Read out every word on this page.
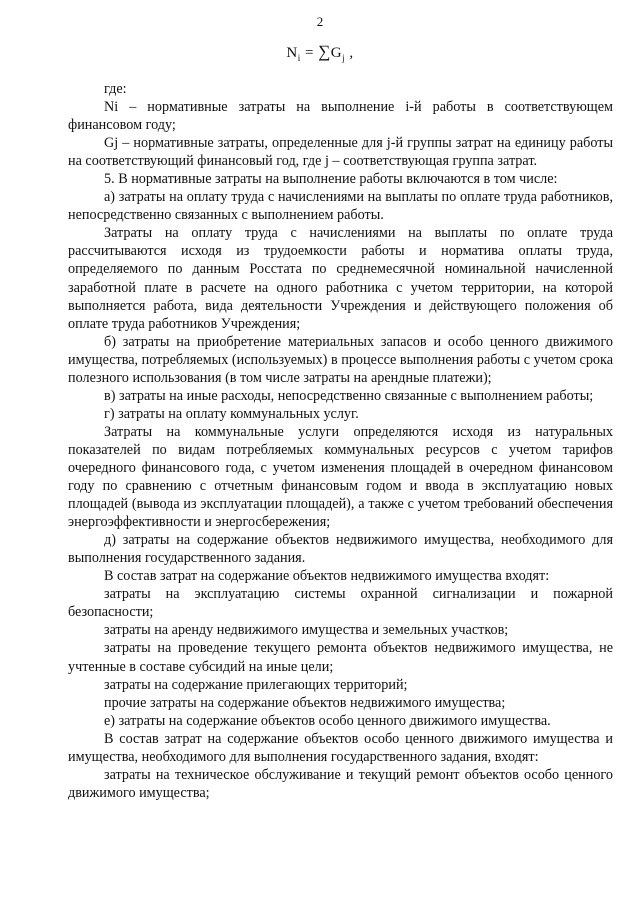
2
$N_i = \sum G_j$ ,

где:

Ni – нормативные затраты на выполнение i-й работы в соответствующем финансовом году;

Gj – нормативные затраты, определенные для j-й группы затрат на единицу работы на соответствующий финансовый год, где j – соответствующая группа затрат.

5. В нормативные затраты на выполнение работы включаются в том числе:

а) затраты на оплату труда с начислениями на выплаты по оплате труда работников, непосредственно связанных с выполнением работы.

Затраты на оплату труда с начислениями на выплаты по оплате труда рассчитываются исходя из трудоемкости работы и норматива оплаты труда, определяемого по данным Росстата по среднемесячной номинальной начисленной заработной плате в расчете на одного работника с учетом территории, на которой выполняется работа, вида деятельности Учреждения и действующего положения об оплате труда работников Учреждения;

б) затраты на приобретение материальных запасов и особо ценного движимого имущества, потребляемых (используемых) в процессе выполнения работы с учетом срока полезного использования (в том числе затраты на арендные платежи);

в) затраты на иные расходы, непосредственно связанные с выполнением работы;

г) затраты на оплату коммунальных услуг.

Затраты на коммунальные услуги определяются исходя из натуральных показателей по видам потребляемых коммунальных ресурсов с учетом тарифов очередного финансового года, с учетом изменения площадей в очередном финансовом году по сравнению с отчетным финансовым годом и ввода в эксплуатацию новых площадей (вывода из эксплуатации площадей), а также с учетом требований обеспечения энергоэффективности и энергосбережения;

д) затраты на содержание объектов недвижимого имущества, необходимого для выполнения государственного задания.

В состав затрат на содержание объектов недвижимого имущества входят:

затраты на эксплуатацию системы охранной сигнализации и пожарной безопасности;

затраты на аренду недвижимого имущества и земельных участков;

затраты на проведение текущего ремонта объектов недвижимого имущества, не учтенные в составе субсидий на иные цели;

затраты на содержание прилегающих территорий;

прочие затраты на содержание объектов недвижимого имущества;

е) затраты на содержание объектов особо ценного движимого имущества.

В состав затрат на содержание объектов особо ценного движимого имущества и имущества, необходимого для выполнения государственного задания, входят:

затраты на техническое обслуживание и текущий ремонт объектов особо ценного движимого имущества;
